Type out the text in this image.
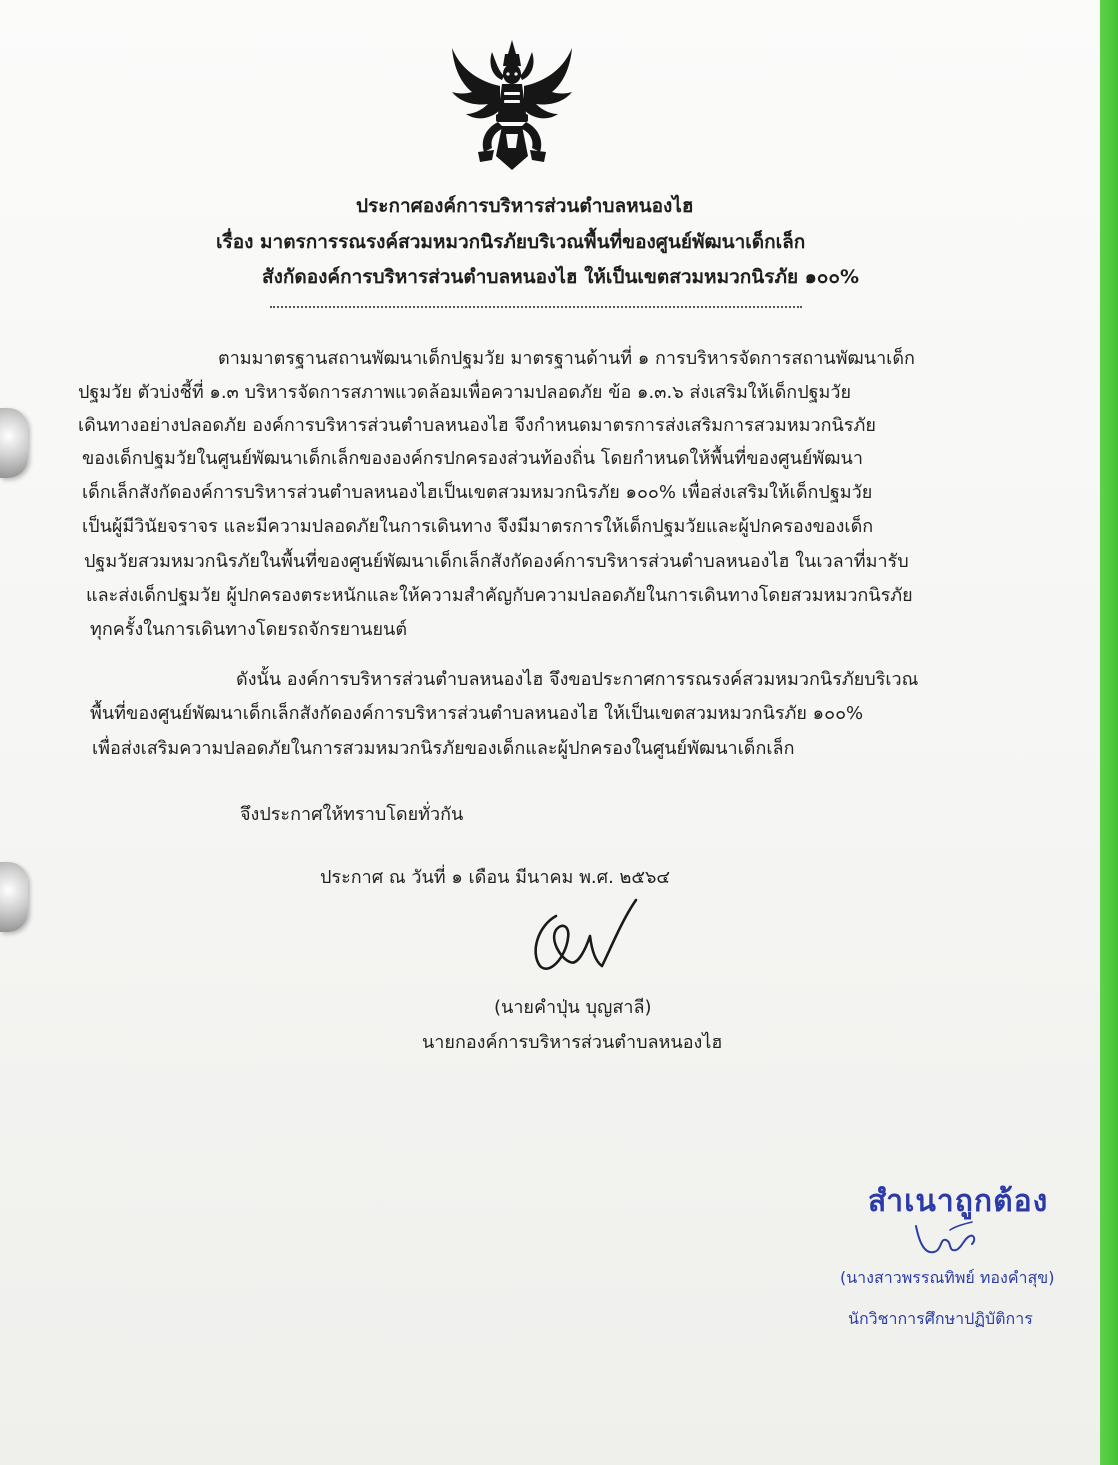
ประกาศองค์การบริหารส่วนตำบลหนองไฮ
เรื่อง มาตรการรณรงค์สวมหมวกนิรภัยบริเวณพื้นที่ของศูนย์พัฒนาเด็กเล็ก
สังกัดองค์การบริหารส่วนตำบลหนองไฮ ให้เป็นเขตสวมหมวกนิรภัย ๑๐๐%
ตามมาตรฐานสถานพัฒนาเด็กปฐมวัย มาตรฐานด้านที่ ๑ การบริหารจัดการสถานพัฒนาเด็ก
ปฐมวัย ตัวบ่งชี้ที่ ๑.๓ บริหารจัดการสภาพแวดล้อมเพื่อความปลอดภัย ข้อ ๑.๓.๖ ส่งเสริมให้เด็กปฐมวัย
เดินทางอย่างปลอดภัย องค์การบริหารส่วนตำบลหนองไฮ จึงกำหนดมาตรการส่งเสริมการสวมหมวกนิรภัย
ของเด็กปฐมวัยในศูนย์พัฒนาเด็กเล็กขององค์กรปกครองส่วนท้องถิ่น โดยกำหนดให้พื้นที่ของศูนย์พัฒนา
เด็กเล็กสังกัดองค์การบริหารส่วนตำบลหนองไฮเป็นเขตสวมหมวกนิรภัย ๑๐๐% เพื่อส่งเสริมให้เด็กปฐมวัย
เป็นผู้มีวินัยจราจร และมีความปลอดภัยในการเดินทาง จึงมีมาตรการให้เด็กปฐมวัยและผู้ปกครองของเด็ก
ปฐมวัยสวมหมวกนิรภัยในพื้นที่ของศูนย์พัฒนาเด็กเล็กสังกัดองค์การบริหารส่วนตำบลหนองไฮ ในเวลาที่มารับ
และส่งเด็กปฐมวัย ผู้ปกครองตระหนักและให้ความสำคัญกับความปลอดภัยในการเดินทางโดยสวมหมวกนิรภัย
ทุกครั้งในการเดินทางโดยรถจักรยานยนต์
ดังนั้น องค์การบริหารส่วนตำบลหนองไฮ จึงขอประกาศการรณรงค์สวมหมวกนิรภัยบริเวณ
พื้นที่ของศูนย์พัฒนาเด็กเล็กสังกัดองค์การบริหารส่วนตำบลหนองไฮ ให้เป็นเขตสวมหมวกนิรภัย ๑๐๐%
เพื่อส่งเสริมความปลอดภัยในการสวมหมวกนิรภัยของเด็กและผู้ปกครองในศูนย์พัฒนาเด็กเล็ก
จึงประกาศให้ทราบโดยทั่วกัน
ประกาศ ณ วันที่ ๑ เดือน มีนาคม พ.ศ. ๒๕๖๔
(นายคำปุ่น บุญสาลี)
นายกองค์การบริหารส่วนตำบลหนองไฮ
สำเนาถูกต้อง
(นางสาวพรรณทิพย์ ทองคำสุข)
นักวิชาการศึกษาปฏิบัติการ
